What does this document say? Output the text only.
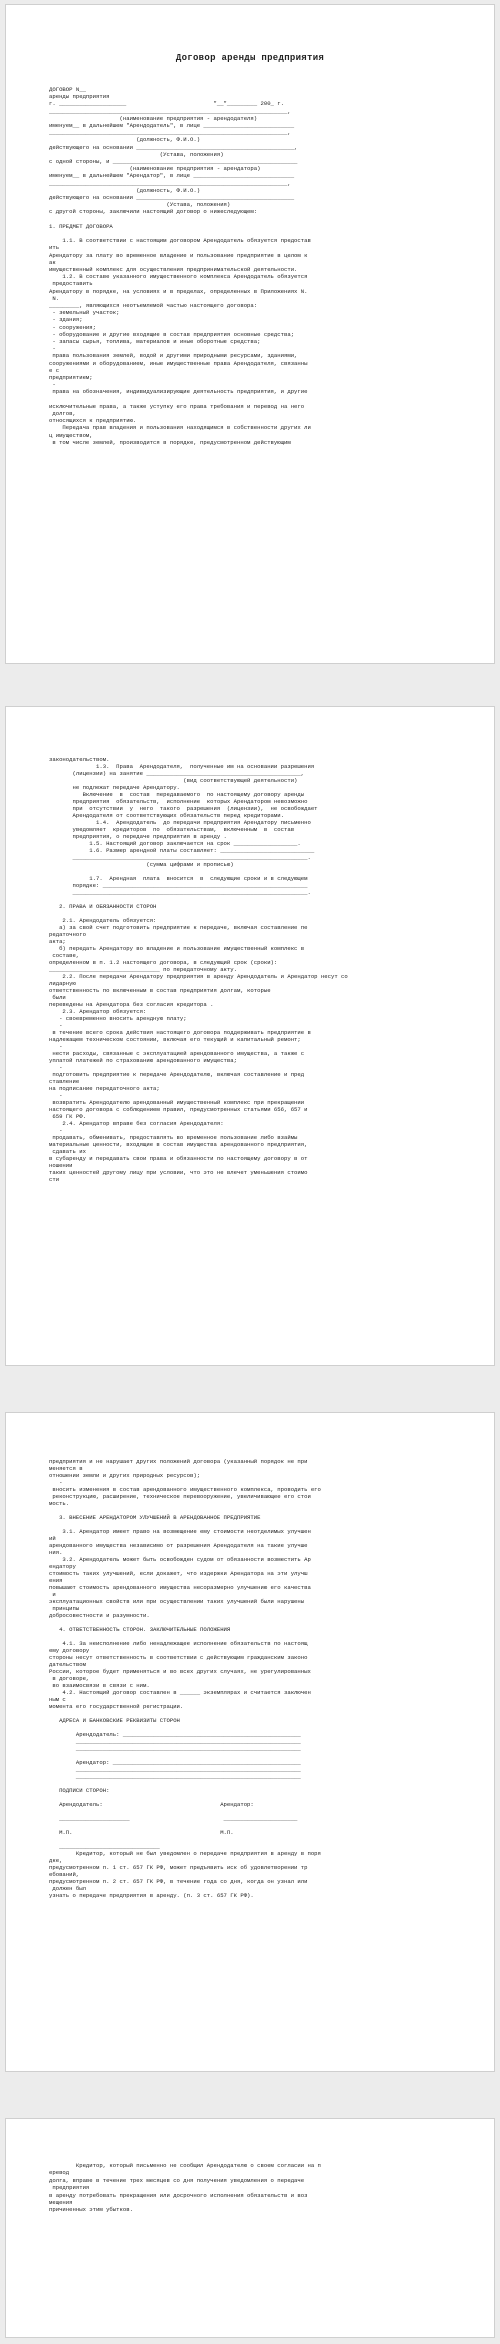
Договор аренды предприятия
ДОГОВОР N__
аренды предприятия
г. ____________________                          "__"_________ 200_ г.
_______________________________________________________________________,
(наименование предприятия - арендодателя)
именуем__ в дальнейшем "Арендодатель", в лице ___________________________
_______________________________________________________________________,
(должность, Ф.И.О.)
действующего на основании _______________________________________________,
(Устава, положения)
с одной стороны, и _______________________________________________________
(наименование предприятия - арендатора)
именуем__ в дальнейшем "Арендатор", в лице ______________________________
_______________________________________________________________________,
(должность, Ф.И.О.)
действующего на основании _______________________________________________
(Устава, положения)
с другой стороны, заключили настоящий договор о нижеследующем:
1. ПРЕДМЕТ ДОГОВОРА
1.1. В соответствии с настоящим договором Арендодатель обязуется предостав
ить
Арендатору за плату во временное владение и пользование предприятие в целом к
ак
имущественный комплекс для осуществления предпринимательской деятельности.
1.2. В составе указанного имущественного комплекса Арендодатель обязуется
предоставить
Арендатору в порядке, на условиях и в пределах, определенных в Приложениях N.
N.
_________, являющихся неотъемлемой частью настоящего договора:
- земельный участок;
- здания;
- сооружения;
- оборудование и другие входящие в состав предприятия основные средства;
- запасы сырья, топлива, материалов и иные оборотные средства;
-
права пользования землей, водой и другими природными ресурсами, зданиями,
сооружениями и оборудованием, иные имущественные права Арендодателя, связанны
е с
предприятием;
-
права на обозначения, индивидуализирующие деятельность предприятия, и другие
исключительные права, а также уступку его права требования и перевод на него
долгов,
относящихся к предприятию.
Передача прав владения и пользования находящимся в собственности других ли
ц имуществом,
в том числе землей, производится в порядке, предусмотренном действующим
законодательством.
1.3.  Права  Арендодателя,  полученные им на основании разрешения
(лицензии) на занятие ______________________________________________,
(вид соответствующей деятельности)
не подлежат передаче Арендатору.
Включение  в  состав  передаваемого  по настоящему договору аренды
предприятия  обязательств,  исполнение  которых Арендатором невозможно
при  отсутствии  у  него  такого  разрешения  (лицензии),  не освобождает
Арендодателя от соответствующих обязательств перед кредиторами.
1.4.  Арендодатель  до передачи предприятия Арендатору письменно
уведомляет  кредиторов  по  обязательствам,  включенным  в  состав
предприятия, о передаче предприятия в аренду .
1.5. Настоящий договор заключается на срок ___________________.
1.6. Размер арендной платы составляет: ____________________________
______________________________________________________________________.
(сумма цифрами и прописью)
1.7.  Арендная  плата  вносится  в  следующие сроки и в следующем
порядке: _____________________________________________________________
______________________________________________________________________.
2. ПРАВА И ОБЯЗАННОСТИ СТОРОН
2.1. Арендодатель обязуется:
а) за свой счет подготовить предприятие к передаче, включая составление пе
редаточного
акта;
б) передать Арендатору во владение и пользование имущественный комплекс в
составе,
определенном в п. 1.2 настоящего договора, в следующий срок (сроки):
_________________________________ по передаточному акту.
2.2. После передачи Арендатору предприятия в аренду Арендодатель и Арендатор несут со
лидарную
ответственность по включенным в состав предприятия долгам, которые
были
переведены на Арендатора без согласия кредитора .
2.3. Арендатор обязуется:
- своевременно вносить арендную плату;
-
в течение всего срока действия настоящего договора поддерживать предприятие в
надлежащем техническом состоянии, включая его текущий и капитальный ремонт;
-
нести расходы, связанные с эксплуатацией арендованного имущества, а также с
уплатой платежей по страхованию арендованного имущества;
-
подготовить предприятие к передаче Арендодателю, включая составление и пред
ставление
на подписание передаточного акта;
-
возвратить Арендодателю арендованный имущественный комплекс при прекращении
настоящего договора с соблюдением правил, предусмотренных статьями 656, 657 и
659 ГК РФ.
2.4. Арендатор вправе без согласия Арендодателя:
-
продавать, обменивать, предоставлять во временное пользование либо взаймы
материальные ценности, входящие в состав имущества арендованного предприятия,
сдавать их
в субаренду и передавать свои права и обязанности по настоящему договору в от
ношении
таких ценностей другому лицу при условии, что это не влечет уменьшения стоимо
сти
предприятия и не нарушает других положений договора (указанный порядок не при
меняется в
отношении земли и других природных ресурсов);
-
вносить изменения в состав арендованного имущественного комплекса, проводить его
реконструкцию, расширение, техническое перевооружение, увеличивающее его стои
мость.
3. ВНЕСЕНИЕ АРЕНДАТОРОМ УЛУЧШЕНИЙ В АРЕНДОВАННОЕ ПРЕДПРИЯТИЕ
3.1. Арендатор имеет право на возмещение ему стоимости неотделимых улучшен
ий
арендованного имущества независимо от разрешения Арендодателя на такие улучше
ния.
3.2. Арендодатель может быть освобожден судом от обязанности возместить Ар
ендатору
стоимость таких улучшений, если докажет, что издержки Арендатора на эти улучш
ения
повышают стоимость арендованного имущества несоразмерно улучшению его качества
и
эксплуатационных свойств или при осуществлении таких улучшений были нарушены
принципы
добросовестности и разумности.
4. ОТВЕТСТВЕННОСТЬ СТОРОН. ЗАКЛЮЧИТЕЛЬНЫЕ ПОЛОЖЕНИЯ
4.1. За неисполнение либо ненадлежащее исполнение обязательств по настоящ
ему договору
стороны несут ответственность в соответствии с действующим гражданским законо
дательством
России, которое будет применяться и во всех других случаях, не урегулированных
в договоре,
во взаимосвязи в связи с ним.
4.2. Настоящий договор составлен в ______ экземплярах и считается заключен
ным с
момента его государственной регистрации.
АДРЕСА И БАНКОВСКИЕ РЕКВИЗИТЫ СТОРОН
Арендодатель: _____________________________________________________
___________________________________________________________________
___________________________________________________________________
Арендатор: ________________________________________________________
___________________________________________________________________
___________________________________________________________________
ПОДПИСИ СТОРОН:
Арендодатель:                                   Арендатор:
_____________________                            ______________________
М.П.                                            М.П.
______________________________
Кредитор, который не был уведомлен о передаче предприятия в аренду в поря
дке,
предусмотренном п. 1 ст. 657 ГК РФ, может предъявить иск об удовлетворении тр
ебований,
предусмотренном п. 2 ст. 657 ГК РФ, в течение года со дня, когда он узнал или
должен был
узнать о передаче предприятия в аренду. (п. 3 ст. 657 ГК РФ).
Кредитор, который письменно не сообщил Арендодателю о своем согласии на п
еревод
долга, вправе в течение трех месяцев со дня получения уведомления о передаче
предприятия
в аренду потребовать прекращения или досрочного исполнения обязательств и воз
мещения
причиненных этим убытков.
